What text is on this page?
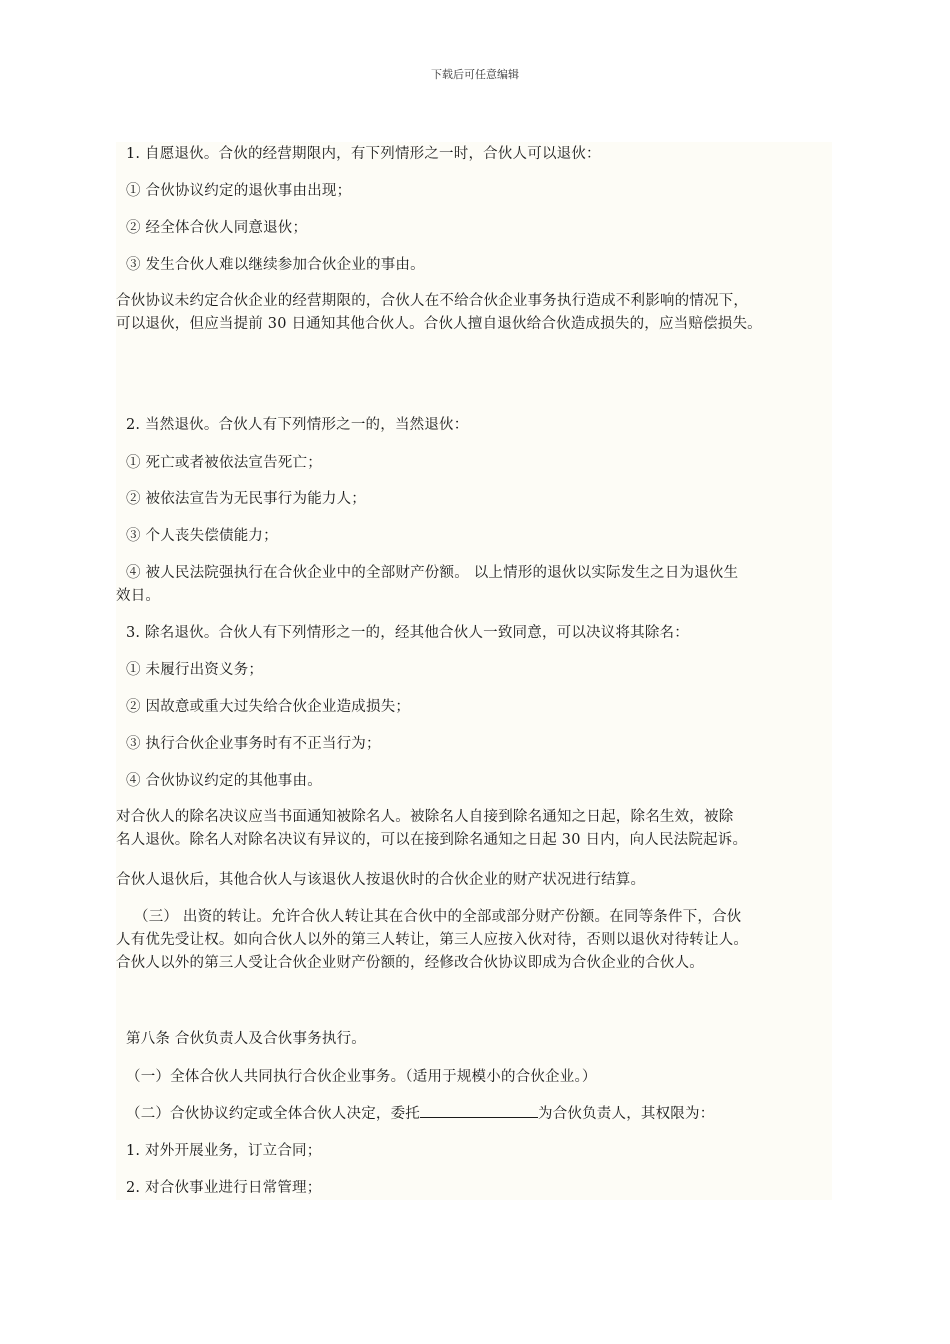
下载后可任意编辑
1. 自愿退伙。合伙的经营期限内，有下列情形之一时，合伙人可以退伙：
① 合伙协议约定的退伙事由出现；
② 经全体合伙人同意退伙；
③ 发生合伙人难以继续参加合伙企业的事由。
合伙协议未约定合伙企业的经营期限的，合伙人在不给合伙企业事务执行造成不利影响的情况下，
可以退伙，但应当提前 30 日通知其他合伙人。合伙人擅自退伙给合伙造成损失的，应当赔偿损失。
2. 当然退伙。合伙人有下列情形之一的，当然退伙：
① 死亡或者被依法宣告死亡；
② 被依法宣告为无民事行为能力人；
③ 个人丧失偿债能力；
④ 被人民法院强执行在合伙企业中的全部财产份额。 以上情形的退伙以实际发生之日为退伙生
效日。
3. 除名退伙。合伙人有下列情形之一的，经其他合伙人一致同意，可以决议将其除名：
① 未履行出资义务；
② 因故意或重大过失给合伙企业造成损失；
③ 执行合伙企业事务时有不正当行为；
④ 合伙协议约定的其他事由。
对合伙人的除名决议应当书面通知被除名人。被除名人自接到除名通知之日起，除名生效，被除
名人退伙。除名人对除名决议有异议的，可以在接到除名通知之日起 30 日内，向人民法院起诉。
合伙人退伙后，其他合伙人与该退伙人按退伙时的合伙企业的财产状况进行结算。
（三） 出资的转让。允许合伙人转让其在合伙中的全部或部分财产份额。在同等条件下，合伙
人有优先受让权。如向合伙人以外的第三人转让，第三人应按入伙对待，否则以退伙对待转让人。
合伙人以外的第三人受让合伙企业财产份额的，经修改合伙协议即成为合伙企业的合伙人。
第八条 合伙负责人及合伙事务执行。
（一）全体合伙人共同执行合伙企业事务。（适用于规模小的合伙企业。）
（二）合伙协议约定或全体合伙人决定，委托	为合伙负责人，其权限为：
1. 对外开展业务，订立合同；
2. 对合伙事业进行日常管理；
